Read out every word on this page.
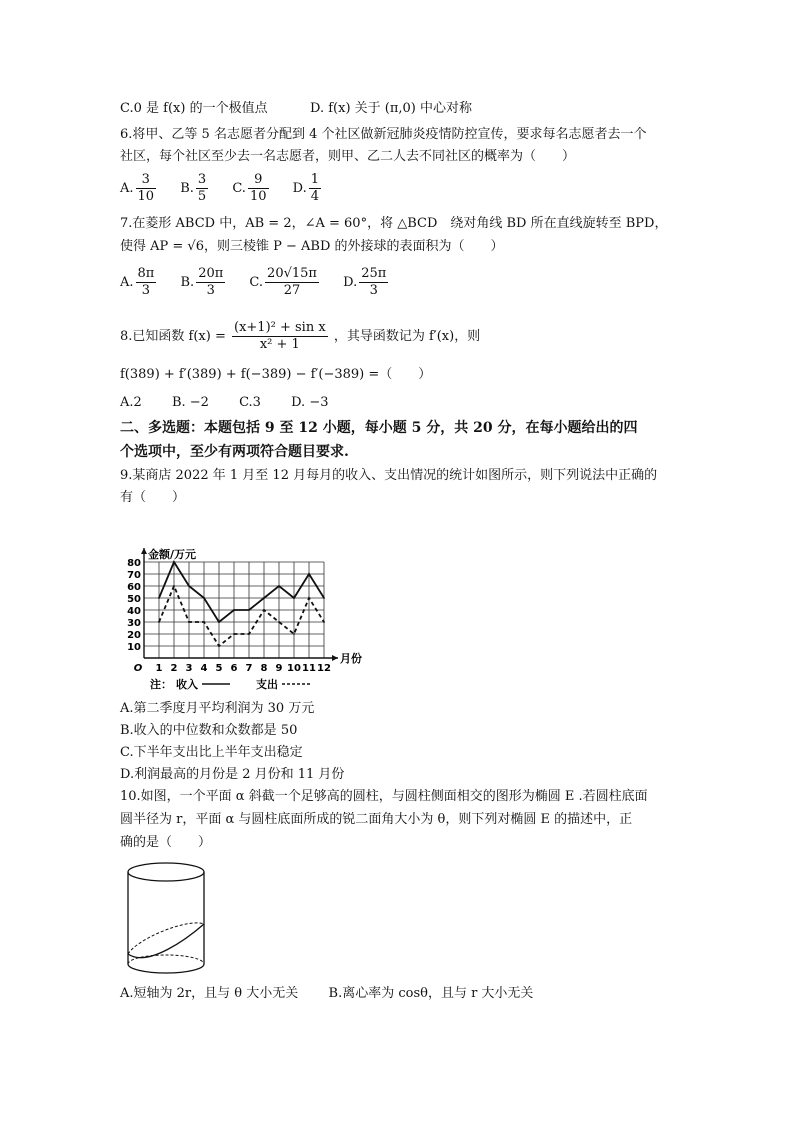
C.0 是 f(x) 的一个极值点	D. f(x) 关于 (π,0) 中心对称
6.将甲、乙等 5 名志愿者分配到 4 个社区做新冠肺炎疫情防控宣传，要求每名志愿者去一个
社区，每个社区至少去一名志愿者，则甲、乙二人去不同社区的概率为（　　）
A. $\frac{3}{10} B$. $\frac{3}{5} C$. $\frac{9}{10} D$. $\frac{1}{4}$
7.在菱形 ABCD 中，AB = 2，∠A = 60°，将 △BCD　绕对角线 BD 所在直线旋转至 BPD，
使得 AP = √6，则三棱锥 P − ABD 的外接球的表面积为（　　）
A. $\frac{8\pi}{3} B$. $\frac{20\pi}{3} C$. $\frac{20√15\pi}{27} D$. $\frac{25\pi}{3}$
8.已知函数 $f(x) = \frac{\text{(x+1)² + sin x}}{\text{x² + 1}}$ ，其导函数记为 f′(x)，则
f(389) + f′(389) + f(−389) − f′(−389) =（　　）
A.2 B. −2 C.3 D. −3
二、多选题：本题包括 9 至 12 小题，每小题 5 分，共 20 分，在每小题给出的四
个选项中，至少有两项符合题目要求.
9.某商店 2022 年 1 月至 12 月每月的收入、支出情况的统计如图所示，则下列说法中正确的
有（　　）
10
20
30
40
50
60
70
80
1 2 3 4 5 6 7 8 9 10 11 12
O
金额/万元
月份
注： 收入	支出
A.第二季度月平均利润为 30 万元
B.收入的中位数和众数都是 50
C.下半年支出比上半年支出稳定
D.利润最高的月份是 2 月份和 11 月份
10.如图，一个平面 α 斜截一个足够高的圆柱，与圆柱侧面相交的图形为椭圆 E .若圆柱底面
圆半径为 r，平面 α 与圆柱底面所成的锐二面角大小为 θ，则下列对椭圆 E 的描述中，正
确的是（　　）
A.短轴为 2r，且与 θ 大小无关 B.离心率为 cosθ，且与 r 大小无关
